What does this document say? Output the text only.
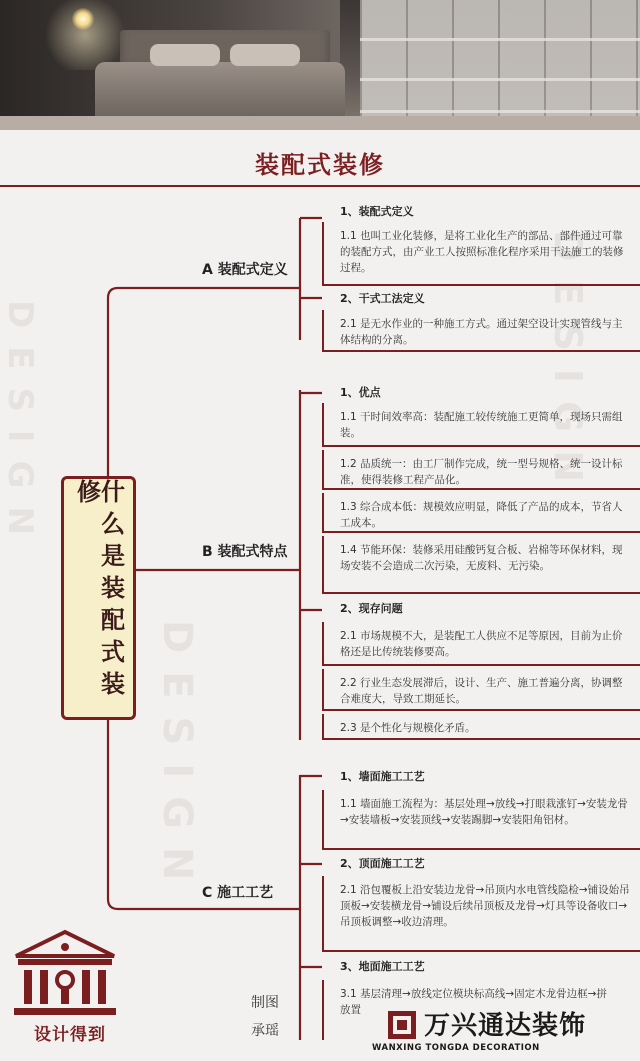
DESIGN
DESIGN
DESIGN
装配式装修
什么是装配式装修
A 装配式定义
B 装配式特点
C 施工工艺
1、装配式定义
1.1 也叫工业化装修，是将工业化生产的部品、部件通过可靠的装配方式，由产业工人按照标准化程序采用干法施工的装修过程。
2、干式工法定义
2.1 是无水作业的一种施工方式。通过架空设计实现管线与主体结构的分离。
1、优点
1.1 干时间效率高：装配施工较传统施工更简单，现场只需组装。
1.2 品质统一：由工厂制作完成，统一型号规格、统一设计标准，使得装修工程产品化。
1.3 综合成本低：规模效应明显，降低了产品的成本，节省人工成本。
1.4 节能环保：装修采用硅酸钙复合板、岩棉等环保材料，现场安装不会造成二次污染，无废料、无污染。
2、现存问题
2.1 市场规模不大，是装配工人供应不足等原因，目前为止价格还是比传统装修要高。
2.2 行业生态发展滞后，设计、生产、施工普遍分离，协调整合难度大，导致工期延长。
2.3 是个性化与规模化矛盾。
1、墙面施工工艺
1.1 墙面施工流程为：基层处理→放线→打眼栽涨钉→安装龙骨→安装墙板→安装顶线→安装踢脚→安装阳角铝材。
2、顶面施工工艺
2.1 沿包覆板上沿安装边龙骨→吊顶内水电管线隐检→铺设始吊顶板→安装横龙骨→铺设后续吊顶板及龙骨→灯具等设备收口→吊顶板调整→收边清理。
3、地面施工工艺
3.1 基层清理→放线定位模块标高线→固定木龙骨边框→拼
放置
设计得到
制图
承瑶	万兴通达装饰
WANXING TONGDA DECORATION
